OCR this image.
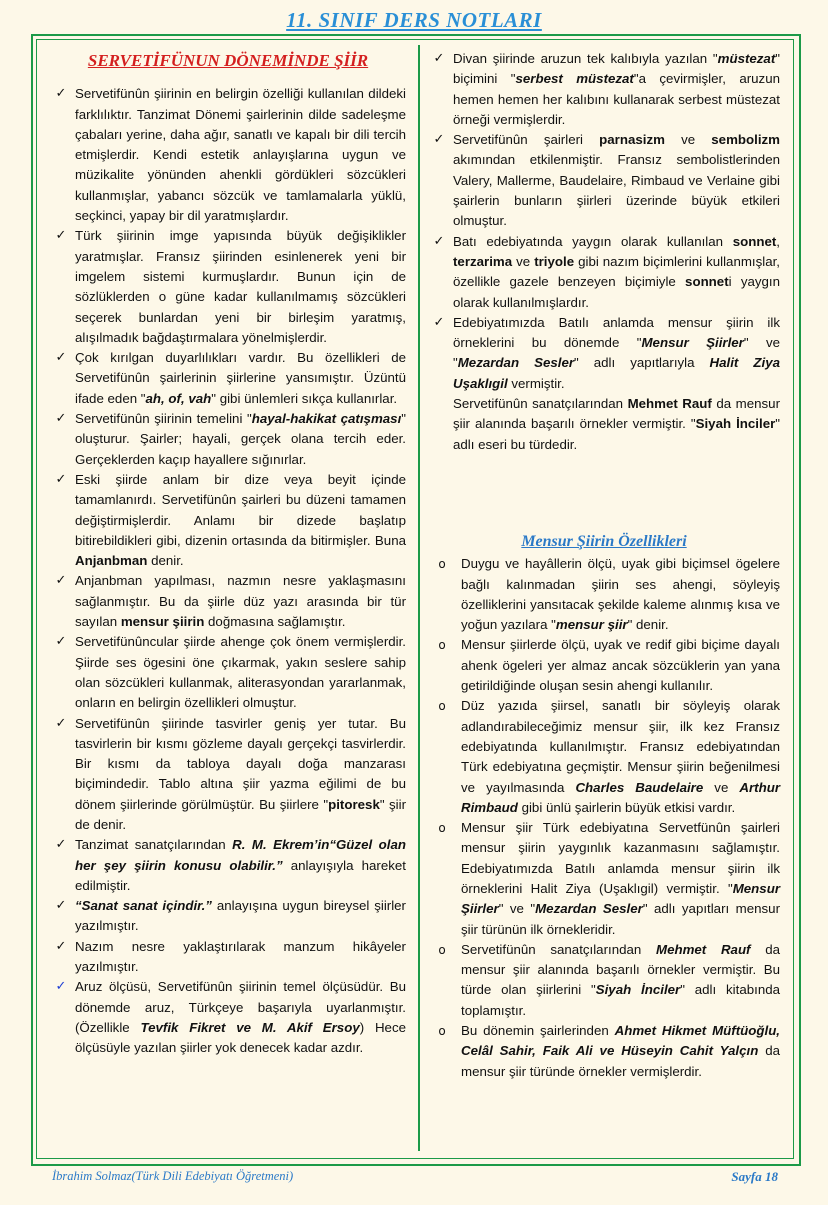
11. SINIF DERS NOTLARI
SERVETİFÜNUN DÖNEMİNDE ŞİİR
✓ Servetifünûn şiirinin en belirgin özelliği kullanılan dildeki farklılıktır. Tanzimat Dönemi şairlerinin dilde sadeleşme çabaları yerine, daha ağır, sanatlı ve kapalı bir dili tercih etmişlerdir. Kendi estetik anlayışlarına uygun ve müzikalite yönünden ahenkli gördükleri sözcükleri kullanmışlar, yabancı sözcük ve tamlamalarla yüklü, seçkinci, yapay bir dil yaratmışlardır.
✓ Türk şiirinin imge yapısında büyük değişiklikler yaratmışlar. Fransız şiirinden esinlenerek yeni bir imgelem sistemi kurmuşlardır. Bunun için de sözlüklerden o güne kadar kullanılmamış sözcükleri seçerek bunlardan yeni bir birleşim yaratmış, alışılmadık bağdaştırmalara yönelmişlerdir.
✓ Çok kırılgan duyarlılıkları vardır. Bu özellikleri de Servetifünûn şairlerinin şiirlerine yansımıştır. Üzüntü ifade eden "ah, of, vah" gibi ünlemleri sıkça kullanırlar.
✓ Servetifünûn şiirinin temelini "hayal-hakikat çatışması" oluşturur. Şairler; hayali, gerçek olana tercih eder. Gerçeklerden kaçıp hayallere sığınırlar.
✓ Eski şiirde anlam bir dize veya beyit içinde tamamlanırdı. Servetifünûn şairleri bu düzeni tamamen değiştirmişlerdir. Anlamı bir dizede başlatıp bitirebildikleri gibi, dizenin ortasında da bitirmişler. Buna Anjanbman denir.
✓ Anjanbman yapılması, nazmın nesre yaklaşmasını sağlanmıştır. Bu da şiirle düz yazı arasında bir tür sayılan mensur şiirin doğmasına sağlamıştır.
✓ Servetifünûncular şiirde ahenge çok önem vermişlerdir. Şiirde ses ögesini öne çıkarmak, yakın seslere sahip olan sözcükleri kullanmak, aliterasyondan yararlanmak, onların en belirgin özellikleri olmuştur.
✓ Servetifünûn şiirinde tasvirler geniş yer tutar. Bu tasvirlerin bir kısmı gözleme dayalı gerçekçi tasvirlerdir. Bir kısmı da tabloya dayalı doğa manzarası biçimindedir. Tablo altına şiir yazma eğilimi de bu dönem şiirlerinde görülmüştür. Bu şiirlere "pitoresk" şiir de denir.
✓ Tanzimat sanatçılarından R. M. Ekrem’in“Güzel olan her şey şiirin konusu olabilir.” anlayışıyla hareket edilmiştir.
✓ “Sanat sanat içindir.” anlayışına uygun bireysel şiirler yazılmıştır.
✓ Nazım nesre yaklaştırılarak manzum hikâyeler yazılmıştır.
✓ Aruz ölçüsü, Servetifünûn şiirinin temel ölçüsüdür. Bu dönemde aruz, Türkçeye başarıyla uyarlanmıştır.(Özellikle Tevfik Fikret ve M. Akif Ersoy) Hece ölçüsüyle yazılan şiirler yok denecek kadar azdır.
✓ Divan şiirinde aruzun tek kalıbıyla yazılan "müstezat" biçimini "serbest müstezat"a çevirmişler, aruzun hemen hemen her kalıbını kullanarak serbest müstezat örneği vermişlerdir.
✓ Servetifünûn şairleri parnasizm ve sembolizm akımından etkilenmiştir. Fransız sembolistlerinden Valery, Mallerme, Baudelaire, Rimbaud ve Verlaine gibi şairlerin bunların şiirleri üzerinde büyük etkileri olmuştur.
✓ Batı edebiyatında yaygın olarak kullanılan sonnet, terzarima ve triyole gibi nazım biçimlerini kullanmışlar, özellikle gazele benzeyen biçimiyle sonneti yaygın olarak kullanılmışlardır.
✓ Edebiyatımızda Batılı anlamda mensur şiirin ilk örneklerini bu dönemde "Mensur Şiirler" ve "Mezardan Sesler" adlı yapıtlarıyla Halit Ziya Uşaklıgil vermiştir.

Servetifünûn sanatçılarından Mehmet Rauf da mensur şiir alanında başarılı örnekler vermiştir. "Siyah İnciler" adlı eseri bu türdedir.

Mensur Şiirin Özellikleri
o	Duygu ve hayâllerin ölçü, uyak gibi biçimsel ögelere bağlı kalınmadan şiirin ses ahengi, söyleyiş özelliklerini yansıtacak şekilde kaleme alınmış kısa ve yoğun yazılara "mensur şiir" denir.
o	Mensur şiirlerde ölçü, uyak ve redif gibi biçime dayalı ahenk ögeleri yer almaz ancak sözcüklerin yan yana getirildiğinde oluşan sesin ahengi kullanılır.
o	Düz yazıda şiirsel, sanatlı bir söyleyiş olarak adlandırabileceğimiz mensur şiir, ilk kez Fransız edebiyatında kullanılmıştır. Fransız edebiyatından Türk edebiyatına geçmiştir. Mensur şiirin beğenilmesi ve yayılmasında Charles Baudelaire ve Arthur Rimbaud gibi ünlü şairlerin büyük etkisi vardır.
o	Mensur şiir Türk edebiyatına Servetfünûn şairleri mensur şiirin yaygınlık kazanmasını sağlamıştır. Edebiyatımızda Batılı anlamda mensur şiirin ilk örneklerini Halit Ziya (Uşaklıgil) vermiştir. "Mensur Şiirler" ve "Mezardan Sesler" adlı yapıtları mensur şiir türünün ilk örnekleridir.
o	Servetifünûn sanatçılarından Mehmet Rauf da mensur şiir alanında başarılı örnekler vermiştir. Bu türde olan şiirlerini "Siyah İnciler" adlı kitabında toplamıştır.
o	Bu dönemin şairlerinden Ahmet Hikmet Müftüoğlu, Celâl Sahir, Faik Ali ve Hüseyin Cahit Yalçın da mensur şiir türünde örnekler vermişlerdir.
İbrahim Solmaz(Türk Dili Edebiyatı Öğretmeni)	Sayfa 18
